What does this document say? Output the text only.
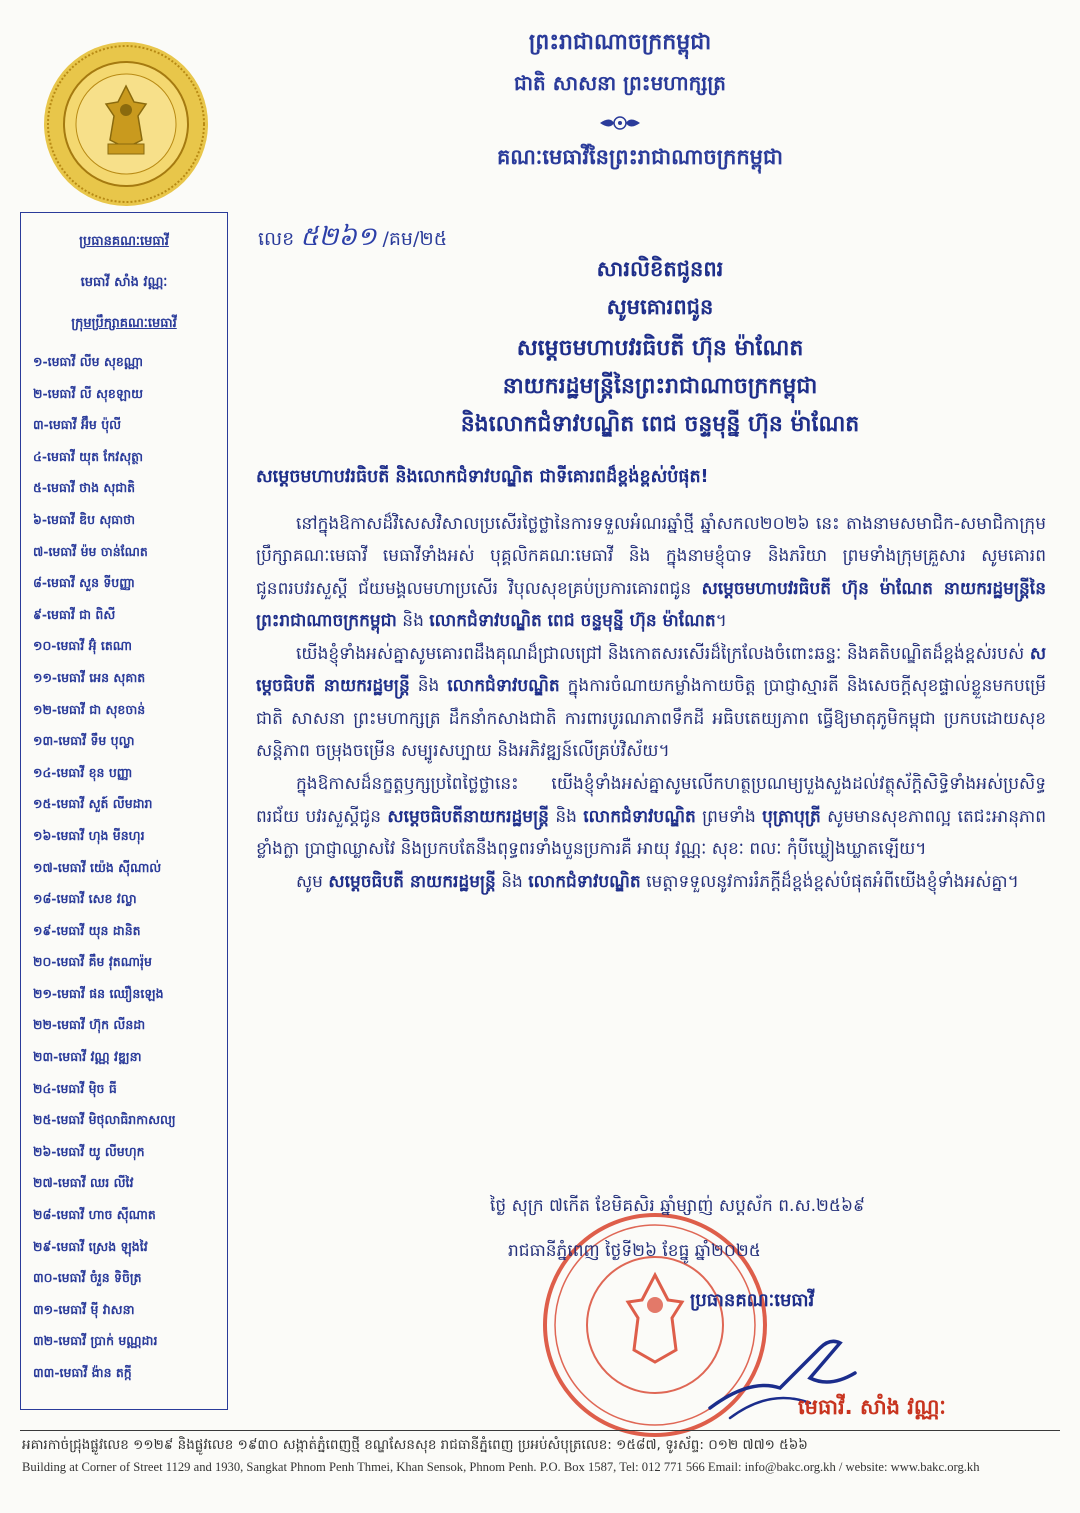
ព្រះរាជាណាចក្រកម្ពុជា
ជាតិ សាសនា ព្រះមហាក្សត្រ
គណៈមេធាវីនៃព្រះរាជាណាចក្រកម្ពុជា
ប្រធានគណៈមេធាវី
មេធាវី សាំង វណ្ណៈ
ក្រុមប្រឹក្សាគណៈមេធាវី
១-មេធាវី លីម សុខណ្ណា
២-មេធាវី លី សុខឡាយ
៣-មេធាវី អ៊ឹម ប៉ុលី
៤-មេធាវី យុត កែវសុត្ថា
៥-មេធាវី ថាង សុជាតិ
៦-មេធាវី ឌិប សុធាថា
៧-មេធាវី ម៉ម ចាន់ណែត
៨-មេធាវី សួន ទីបញ្ញា
៩-មេធាវី ជា ពិសី
១០-មេធាវី អ៊ុំ តេណា
១១-មេធាវី អេន សុគាត
១២-មេធាវី ជា សុខចាន់
១៣-មេធាវី ទឹម បុល្លា
១៤-មេធាវី ខុន បញ្ញា
១៥-មេធាវី សួត៍ លីមដារា
១៦-មេធាវី ហុង មីនហុរ
១៧-មេធាវី យ៉េង ស៊ីណាល់
១៨-មេធាវី សេខ វល្លា
១៩-មេធាវី យុន ដានិត
២០-មេធាវី គឹម វុតណារ៉ុម
២១-មេធាវី ផន ឈឿនឡេង
២២-មេធាវី ហ៊ុក លីនដា
២៣-មេធាវី វណ្ណ វឌ្ឍនា
២៤-មេធាវី ម៉ិច ធី
២៥-មេធាវី មិថុលាធិរាកាសល្យ
២៦-មេធាវី យូ លីមហុក
២៧-មេធាវី ឈរ លីវៃ
២៨-មេធាវី ហាច ស៊ីណាត
២៩-មេធាវី ស្រេង ឡុងវៃ
៣០-មេធាវី ចំរួន ទិចិត្រ
៣១-មេធាវី ម៉ី វាសនា
៣២-មេធាវី ប្រាក់ មណ្ណដារ
៣៣-មេធាវី ង៉ាន តក្កី
លេខ ៥២៦១ /គម/២៥
សារលិខិតជូនពរ
សូមគោរពជូន
សម្តេចមហាបវរធិបតី ហ៊ុន ម៉ាណែត
នាយករដ្ឋមន្ត្រីនៃព្រះរាជាណាចក្រកម្ពុជា
និងលោកជំទាវបណ្ឌិត ពេជ ចន្ទមុន្នី ហ៊ុន ម៉ាណែត
សម្តេចមហាបវរធិបតី និងលោកជំទាវបណ្ឌិត ជាទីគោរពដ៏ខ្ពង់ខ្ពស់បំផុត!

នៅក្នុងឱកាសដ៏វិសេសវិសាលប្រសើរថ្លៃថ្លានៃការទទួលអំណរឆ្នាំថ្មី ឆ្នាំសកល២០២៦ នេះ តាងនាមសមាជិក-សមាជិកាក្រុមប្រឹក្សាគណៈមេធាវី មេធាវីទាំងអស់ បុគ្គលិកគណៈមេធាវី និង ក្នុងនាមខ្ញុំបាទ និងភរិយា ព្រមទាំងក្រុមគ្រួសារ សូមគោរពជូនពរបវរសួស្តី ជ័យមង្គលមហាប្រសើរ វិបុលសុខគ្រប់ប្រការគោរពជូន សម្តេចមហាបវរធិបតី ហ៊ុន ម៉ាណែត នាយករដ្ឋមន្ត្រីនៃព្រះរាជាណាចក្រកម្ពុជា និង លោកជំទាវបណ្ឌិត ពេជ ចន្ទមុន្នី ហ៊ុន ម៉ាណែត។

យើងខ្ញុំទាំងអស់គ្នាសូមគោរពដឹងគុណដ៏ជ្រាលជ្រៅ និងកោតសរសើរដ៏ក្រៃលែងចំពោះឆន្ទៈ និងគតិបណ្ឌិតដ៏ខ្ពង់ខ្ពស់របស់ សម្តេចធិបតី នាយករដ្ឋមន្ត្រី និង លោកជំទាវបណ្ឌិត ក្នុងការចំណាយកម្លាំងកាយចិត្ត ប្រាជ្ញាស្មារតី និងសេចក្តីសុខផ្ទាល់ខ្លួនមកបម្រើជាតិ សាសនា ព្រះមហាក្សត្រ ដឹកនាំកសាងជាតិ ការពារបូរណភាពទឹកដី អធិបតេយ្យភាព ធ្វើឱ្យមាតុភូមិកម្ពុជា ប្រកបដោយសុខសន្តិភាព ចម្រុងចម្រើន សម្បូរសប្បាយ និងអភិវឌ្ឍន៍លើគ្រប់វិស័យ។

ក្នុងឱកាសដ៏នក្ខត្តឫក្សប្រពៃថ្លៃថ្លានេះ យើងខ្ញុំទាំងអស់គ្នាសូមលើកហត្ថប្រណម្យបួងសួងដល់វត្ថុស័ក្តិសិទ្ធិទាំងអស់ប្រសិទ្ធពរជ័យ បវរសួស្តីជូន សម្តេចធិបតីនាយករដ្ឋមន្ត្រី និង លោកជំទាវបណ្ឌិត ព្រមទាំង បុត្រាបុត្រី សូមមានសុខភាពល្អ តេជះអានុភាព ខ្លាំងក្លា ប្រាជ្ញាឈ្លាសវៃ និងប្រកបតែនឹងពុទ្ធពរទាំងបួនប្រការគឺ អាយុ វណ្ណៈ សុខៈ ពលៈ កុំបីឃ្លៀងឃ្លាតឡើយ។

សូម សម្តេចធិបតី នាយករដ្ឋមន្ត្រី និង លោកជំទាវបណ្ឌិត មេត្តាទទួលនូវការរំភក្តីដ៏ខ្ពង់ខ្ពស់បំផុតអំពីយើងខ្ញុំទាំងអស់គ្នា។

ថ្ងៃ សុក្រ ៧កើត ខែមិគសិរ ឆ្នាំម្សាញ់ សប្តស័ក ព.ស.២៥៦៩
រាជធានីភ្នំពេញ ថ្ងៃទី២៦ ខែធ្នូ ឆ្នាំ២០២៥
ប្រធានគណៈមេធាវី
មេធាវី. សាំង វណ្ណៈ
អគារកាច់ជ្រុងផ្លូវលេខ ១១២៩ និងផ្លូវលេខ ១៩៣០ សង្កាត់ភ្នំពេញថ្មី ខណ្ឌសែនសុខ រាជធានីភ្នំពេញ ប្រអប់សំបុត្រលេខ: ១៥៨៧, ទូរស័ព្ទ: ០១២ ៧៧១ ៥៦៦
Building at Corner of Street 1129 and 1930, Sangkat Phnom Penh Thmei, Khan Sensok, Phnom Penh. P.O. Box 1587, Tel: 012 771 566 Email: info@bakc.org.kh / website: www.bakc.org.kh
